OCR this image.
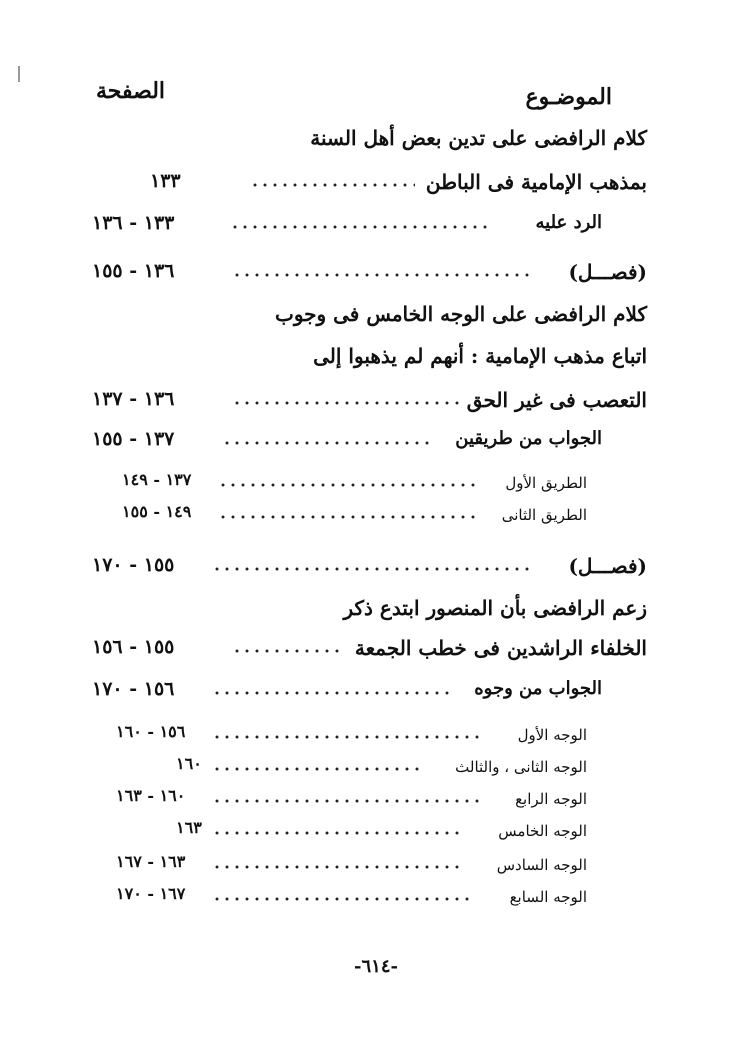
الموضـوع
الصفحة
كلام الرافضى على تدين بعض أهل السنة
بمذهب الإمامية فى الباطن
١٣٣
الرد عليه
١٣٣ - ١٣٦
(فصـــل)
١٣٦ - ١٥٥
كلام الرافضى على الوجه الخامس فى وجوب
اتباع مذهب الإمامية : أنهم لم يذهبوا إلى
التعصب فى غير الحق
١٣٦ - ١٣٧
الجواب من طريقين
١٣٧ - ١٥٥
الطريق الأول
١٣٧ - ١٤٩
الطريق الثانى
١٤٩ - ١٥٥
(فصـــل)
١٥٥ - ١٧٠
زعم الرافضى بأن المنصور ابتدع ذكر
الخلفاء الراشدين فى خطب الجمعة
١٥٥ - ١٥٦
الجواب من وجوه
١٥٦ - ١٧٠
الوجه الأول
١٥٦ - ١٦٠
الوجه الثانى ، والثالث
١٦٠
الوجه الرابع
١٦٠ - ١٦٣
الوجه الخامس
١٦٣
الوجه السادس
١٦٣ - ١٦٧
الوجه السابع
١٦٧ - ١٧٠
-٦١٤-
